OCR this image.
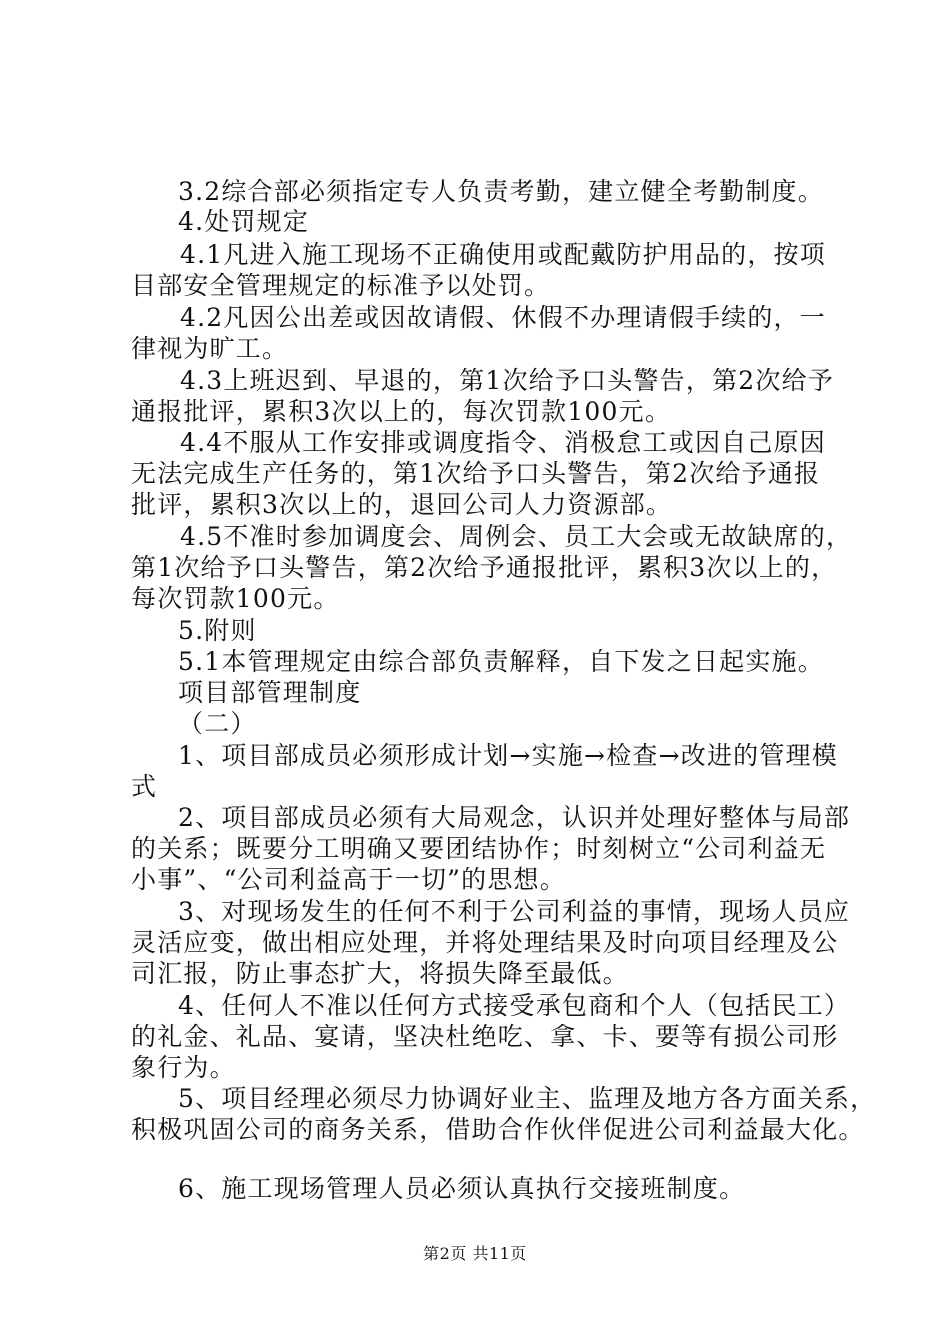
3.2综合部必须指定专人负责考勤，建立健全考勤制度。
4.处罚规定
4.1凡进入施工现场不正确使用或配戴防护用品的，按项
目部安全管理规定的标准予以处罚。
4.2凡因公出差或因故请假、休假不办理请假手续的，一
律视为旷工。
4.3上班迟到、早退的，第1次给予口头警告，第2次给予
通报批评，累积3次以上的，每次罚款100元。
4.4不服从工作安排或调度指令、消极怠工或因自己原因
无法完成生产任务的，第1次给予口头警告，第2次给予通报
批评，累积3次以上的，退回公司人力资源部。
4.5不准时参加调度会、周例会、员工大会或无故缺席的，
第1次给予口头警告，第2次给予通报批评，累积3次以上的，
每次罚款100元。
5.附则
5.1本管理规定由综合部负责解释，自下发之日起实施。
项目部管理制度
（二）
1、项目部成员必须形成计划→实施→检查→改进的管理模
式
2、项目部成员必须有大局观念，认识并处理好整体与局部
的关系；既要分工明确又要团结协作；时刻树立“公司利益无
小事”、“公司利益高于一切”的思想。
3、对现场发生的任何不利于公司利益的事情，现场人员应
灵活应变，做出相应处理，并将处理结果及时向项目经理及公
司汇报，防止事态扩大，将损失降至最低。
4、任何人不准以任何方式接受承包商和个人（包括民工）
的礼金、礼品、宴请，坚决杜绝吃、拿、卡、要等有损公司形
象行为。
5、项目经理必须尽力协调好业主、监理及地方各方面关系，
积极巩固公司的商务关系，借助合作伙伴促进公司利益最大化。
6、施工现场管理人员必须认真执行交接班制度。
第2页 共11页
